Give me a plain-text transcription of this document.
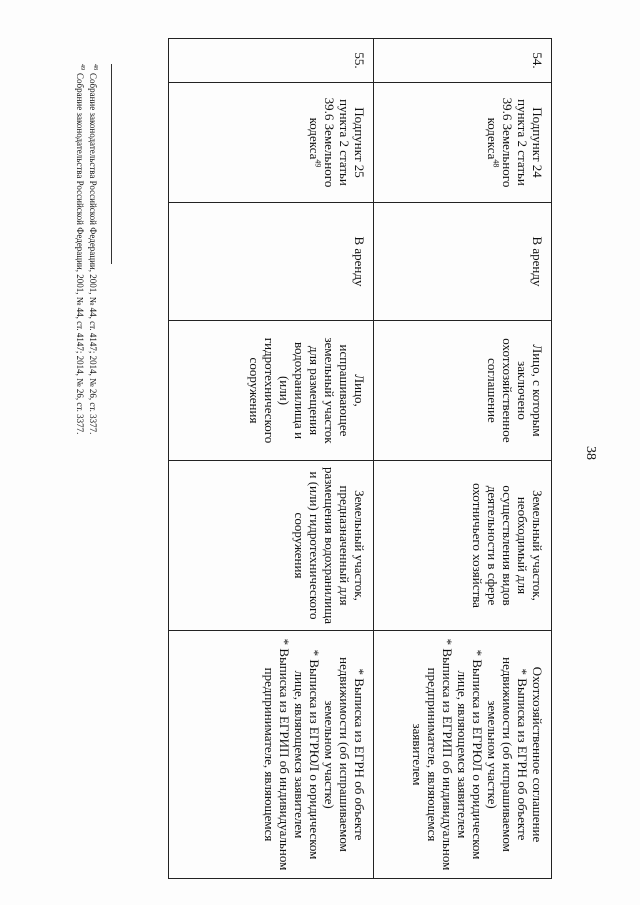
38
54.	Подпункт 24 пункта 2 статьи 39.6 Земельного кодекса$^{48}$	В аренду	Лицо, с которым заключено охотхозяйственное соглашение	Земельный участок, необходимый для осуществления видов деятельности в сфере охотничьего хозяйства	Охотхозяйственное соглашение
* Выписка из ЕГРН об объекте недвижимости (об испрашиваемом земельном участке)
* Выписка из ЕГРЮЛ о юридическом лице, являющемся заявителем
* Выписка из ЕГРИП об индивидуальном предпринимателе, являющемся заявителем

55.	Подпункт 25 пункта 2 статьи 39.6 Земельного кодекса$^{49}$	В аренду	Лицо, испрашивающее земельный участок для размещения водохранилища и (или) гидротехнического сооружения	Земельный участок, предназначенный для размещения водохранилища и (или) гидротехнического сооружения	* Выписка из ЕГРН об объекте недвижимости (об испрашиваемом земельном участке)
* Выписка из ЕГРЮЛ о юридическом лице, являющемся заявителем
* Выписка из ЕГРИП об индивидуальном предпринимателе, являющемся
$^{48}$Собрание законодательства Российской Федерации, 2001, № 44, ст. 4147; 2014, № 26, ст. 3377.
$^{49}$Собрание законодательства Российской Федерации, 2001, № 44, ст. 4147; 2014, № 26, ст. 3377.
